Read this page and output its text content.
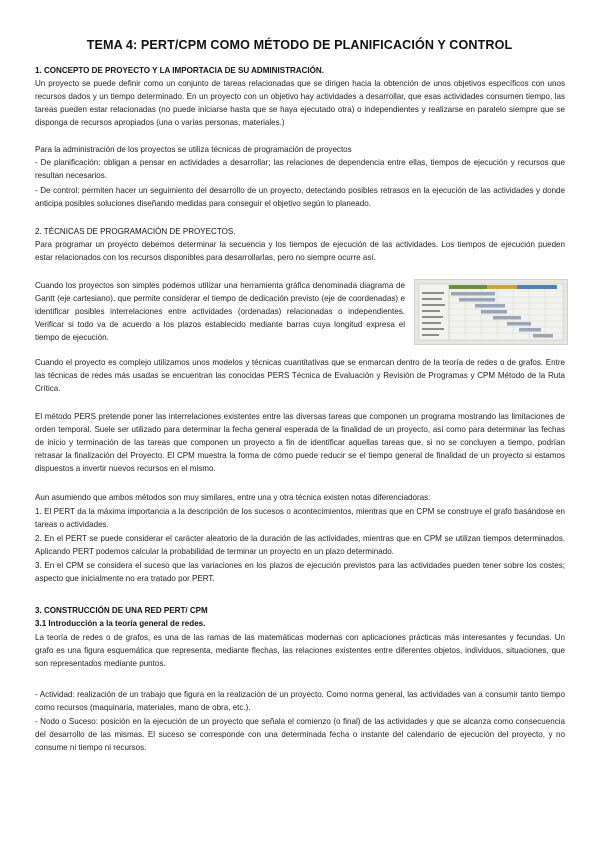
TEMA 4: PERT/CPM COMO MÉTODO DE PLANIFICACIÓN Y CONTROL

1. CONCEPTO DE PROYECTO Y LA IMPORTACIA DE SU ADMINISTRACIÓN.

Un proyecto se puede definir como un conjunto de tareas relacionadas que se dirigen hacia la obtención de unos objetivos específicos con unos recursos dados y un tiempo determinado. En un proyecto con un objetivo hay actividades a desarrollar, que esas actividades consumen tiempo, las tareas pueden estar relacionadas (no puede iniciarse hasta que se haya ejecutado otra) o independientes y realizarse en paralelo siempre que se disponga de recursos apropiados (una o varias personas, materiales.)

Para la administración de los proyectos se utiliza técnicas de programación de proyectos

- De planificación: obligan a pensar en actividades a desarrollar; las relaciones de dependencia entre ellas, tiempos de ejecución y recursos que resultan necesarios.

- De control: permiten hacer un seguimiento del desarrollo de un proyecto, detectando posibles retrasos en la ejecución de las actividades y donde anticipa posibles soluciones diseñando medidas para conseguir el objetivo según lo planeado.

2. TÉCNICAS DE PROGRAMACIÓN DE PROYECTOS.

Para programar un proyecto debemos determinar la secuencia y los tiempos de ejecución de las actividades. Los tiempos de ejecución pueden estar relacionados con los recursos disponibles para desarrollarlas, pero no siempre ocurre así.

Cuando los proyectos son simples podemos utilizar una herramienta gráfica denominada diagrama de Gantt (eje cartesiano), que permite considerar el tiempo de dedicación previsto (eje de coordenadas) e identificar posibles interrelaciones entre actividades (ordenadas) relacionadas o independientes. Verificar si todo va de acuerdo a los plazos establecido mediante barras cuya longitud expresa el tiempo de ejecución.

Cuando el proyecto es complejo utilizamos unos modelos y técnicas cuantitativas que se enmarcan dentro de la teoría de redes o de grafos. Entre las técnicas de redes más usadas se encuentran las conocidas PERS Técnica de Evaluación y Revisión de Programas y CPM Método de la Ruta Crítica.

El método PERS pretende poner las interrelaciones existentes entre las diversas tareas que componen un programa mostrando las limitaciones de orden temporal. Suele ser utilizado para determinar la fecha general esperada de la finalidad de un proyecto, así como para determinar las fechas de inicio y terminación de las tareas que componen un proyecto a fin de identificar aquellas tareas que, si no se concluyen a tiempo, podrían retrasar la finalización del Proyecto. El CPM muestra la forma de cómo puede reducir se el tiempo general de finalidad de un proyecto si estamos dispuestos a invertir nuevos recursos en el mismo.

Aun asumiendo que ambos métodos son muy similares, entre una y otra técnica existen notas diferenciadoras:

1. El PERT da la máxima importancia a la descripción de los sucesos o acontecimientos, mientras que en CPM se construye el grafo basándose en tareas o actividades.

2. En el PERT se puede considerar el carácter aleatorio de la duración de las actividades, mientras que en CPM se utilizan tiempos determinados. Aplicando PERT podemos calcular la probabilidad de terminar un proyecto en un plazo determinado.

3. En el CPM se considera el suceso que las variaciones en los plazos de ejecución previstos para las actividades pueden tener sobre los costes; aspecto que inicialmente no era tratado por PERT.

3. CONSTRUCCIÓN DE UNA RED PERT/ CPM

3.1 Introducción a la teoría general de redes.

La teoría de redes o de grafos, es una de las ramas de las matemáticas modernas con aplicaciones prácticas más interesantes y fecundas. Un grafo es una figura esquemática que representa, mediante flechas, las relaciones existentes entre diferentes objetos, individuos, situaciones, que son representados mediante puntos.

- Actividad: realización de un trabajo que figura en la realización de un proyecto. Como norma general, las actividades van a consumir tanto tiempo como recursos (maquinaria, materiales, mano de obra, etc.).

- Nodo o Suceso: posición en la ejecución de un proyecto que señala el comienzo (o final) de las actividades y que se alcanza como consecuencia del desarrollo de las mismas. El suceso se corresponde con una determinada fecha o instante del calendario de ejecución del proyecto, y no consume ni tiempo ni recursos.
